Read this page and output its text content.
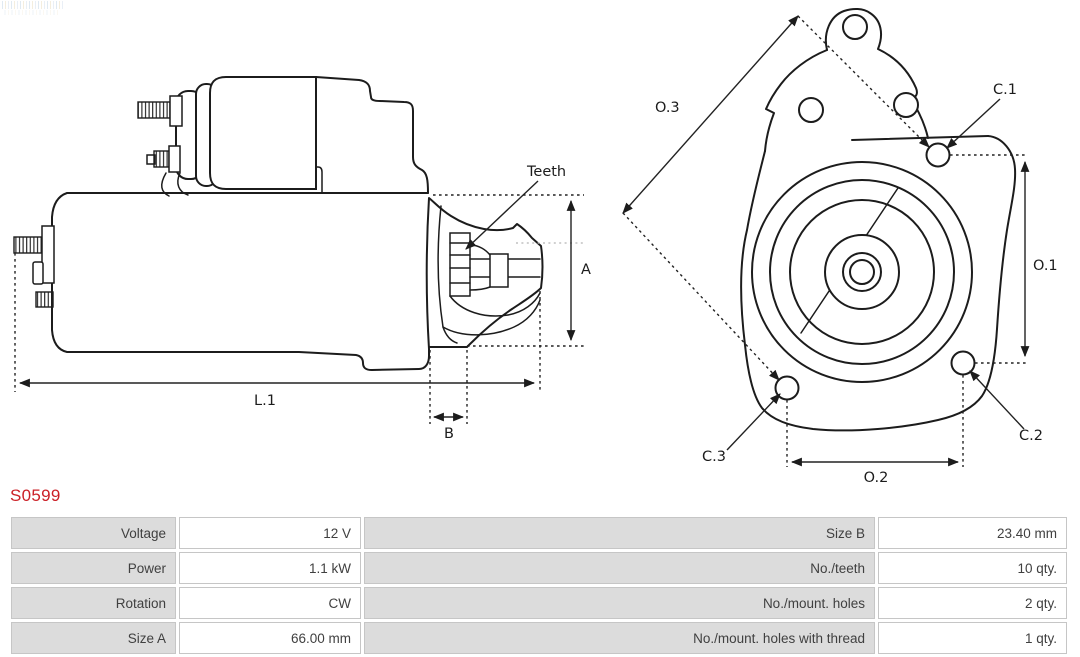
A
Teeth
L.1
B
O.3
C.1
O.1
C.2
C.3
O.2
S0599
Voltage	12 V	Size B	23.40 mm
Power	1.1 kW	No./teeth	10 qty.
Rotation	CW	No./mount. holes	2 qty.
Size A	66.00 mm	No./mount. holes with thread	1 qty.
